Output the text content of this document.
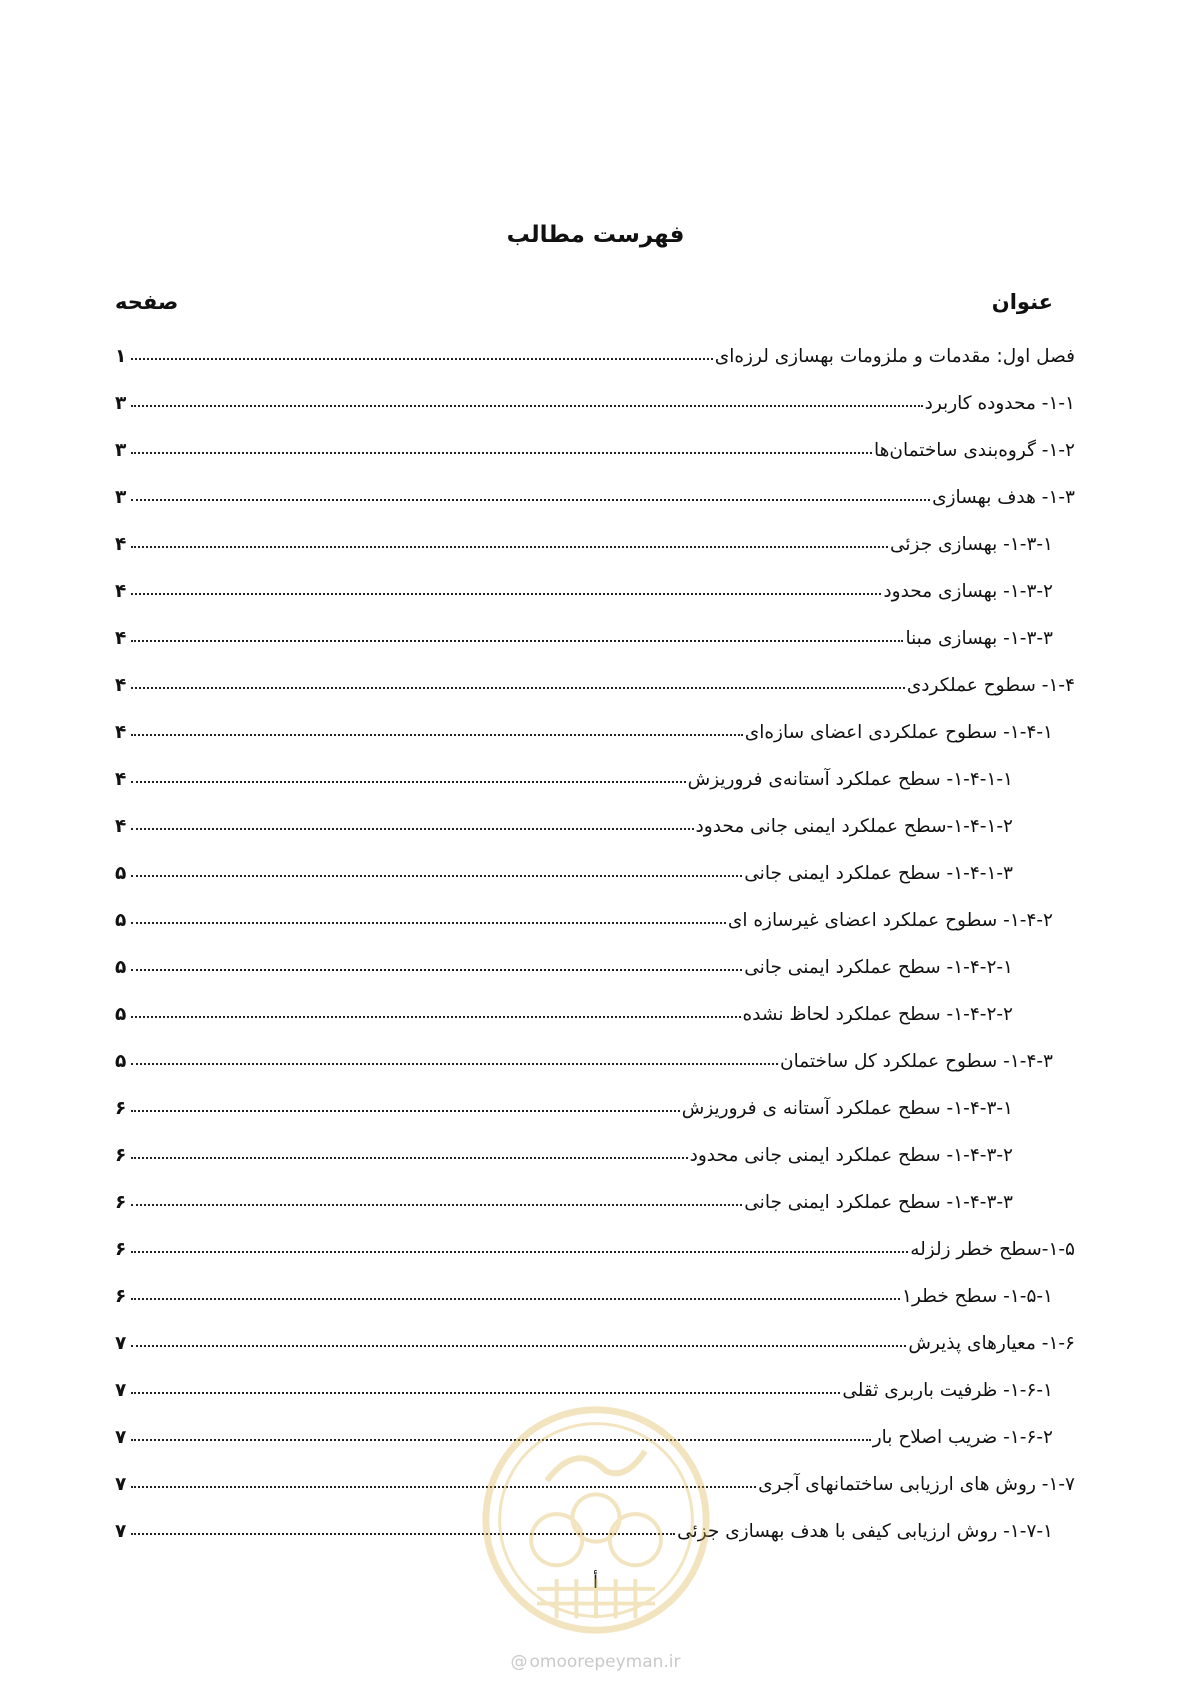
فهرست مطالب
عنوان
صفحه
فصل اول: مقدمات و ملزومات بهسازی لرزه‌ای
۱
۱-۱- محدوده کاربرد
۳
۱-۲- گروه‌بندی ساختمان‌ها
۳
۱-۳- هدف بهسازی
۳
۱-۳-۱- بهسازی جزئی
۴
۱-۳-۲- بهسازی محدود
۴
۱-۳-۳- بهسازی مبنا
۴
۱-۴- سطوح عملکردی
۴
۱-۴-۱- سطوح عملکردی اعضای سازه‌ای
۴
۱-۴-۱-۱- سطح عملکرد آستانه‌ی فروریزش
۴
۱-۴-۱-۲-سطح عملکرد ایمنی جانی محدود
۴
۱-۴-۱-۳- سطح عملکرد ایمنی جانی
۵
۱-۴-۲- سطوح عملکرد اعضای غیرسازه ای
۵
۱-۴-۲-۱- سطح عملکرد ایمنی جانی
۵
۱-۴-۲-۲- سطح عملکرد لحاظ نشده
۵
۱-۴-۳- سطوح عملکرد کل ساختمان
۵
۱-۴-۳-۱- سطح عملکرد آستانه ی فروریزش
۶
۱-۴-۳-۲- سطح عملکرد ایمنی جانی محدود
۶
۱-۴-۳-۳- سطح عملکرد ایمنی جانی
۶
۱-۵-سطح خطر زلزله
۶
۱-۵-۱- سطح خطر۱
۶
۱-۶- معیارهای پذیرش
۷
۱-۶-۱- ظرفیت باربری ثقلی
۷
۱-۶-۲- ضریب اصلاح بار
۷
۱-۷- روش های ارزیابی ساختمانهای آجری
۷
۱-۷-۱- روش ارزیابی کیفی با هدف بهسازی جزئی
۷
أ
@ omoorepeyman.ir
